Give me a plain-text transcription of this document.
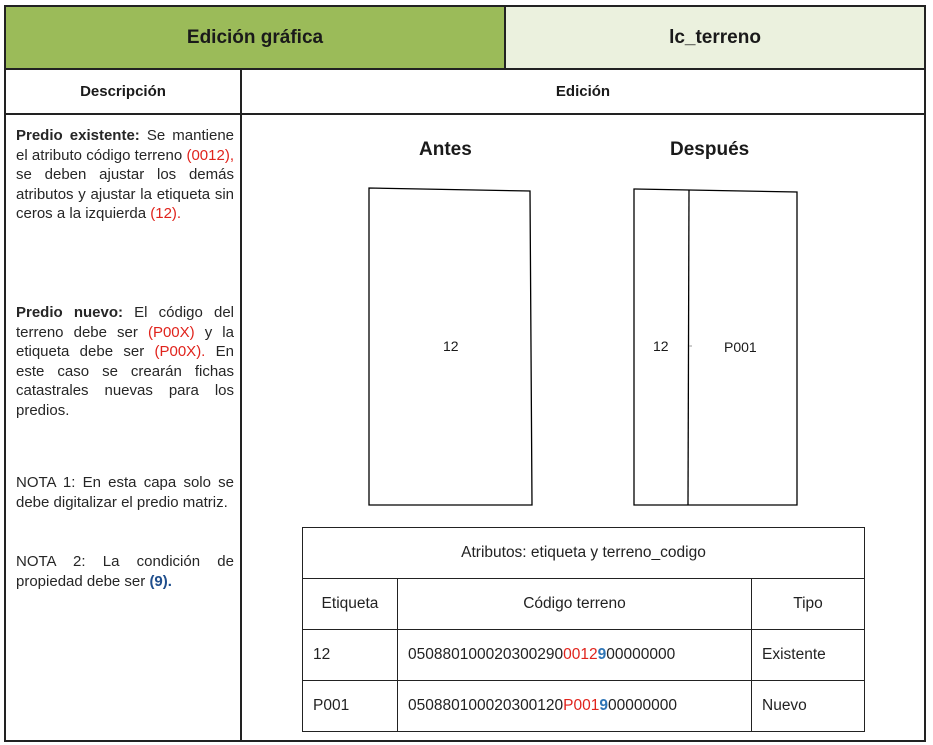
Edición gráfica	lc_terreno
Descripción	Edición
Predio existente: Se mantiene el atributo código terreno (0012), se deben ajustar los demás atributos y ajustar la etiqueta sin ceros a la izquierda (12).
Predio nuevo: El código del terreno debe ser (P00X) y la etiqueta debe ser (P00X). En este caso se crearán fichas catastrales nuevas para los predios.
NOTA 1: En esta capa solo se debe digitalizar el predio matriz.
NOTA 2: La condición de propiedad debe ser (9).
Antes	Después
12	12	P001
Atributos: etiqueta y terreno_codigo		
Etiqueta	Código terreno	Tipo
12	0508801000203002900012900000000	Existente
P001	050880100020300120P001900000000	Nuevo
